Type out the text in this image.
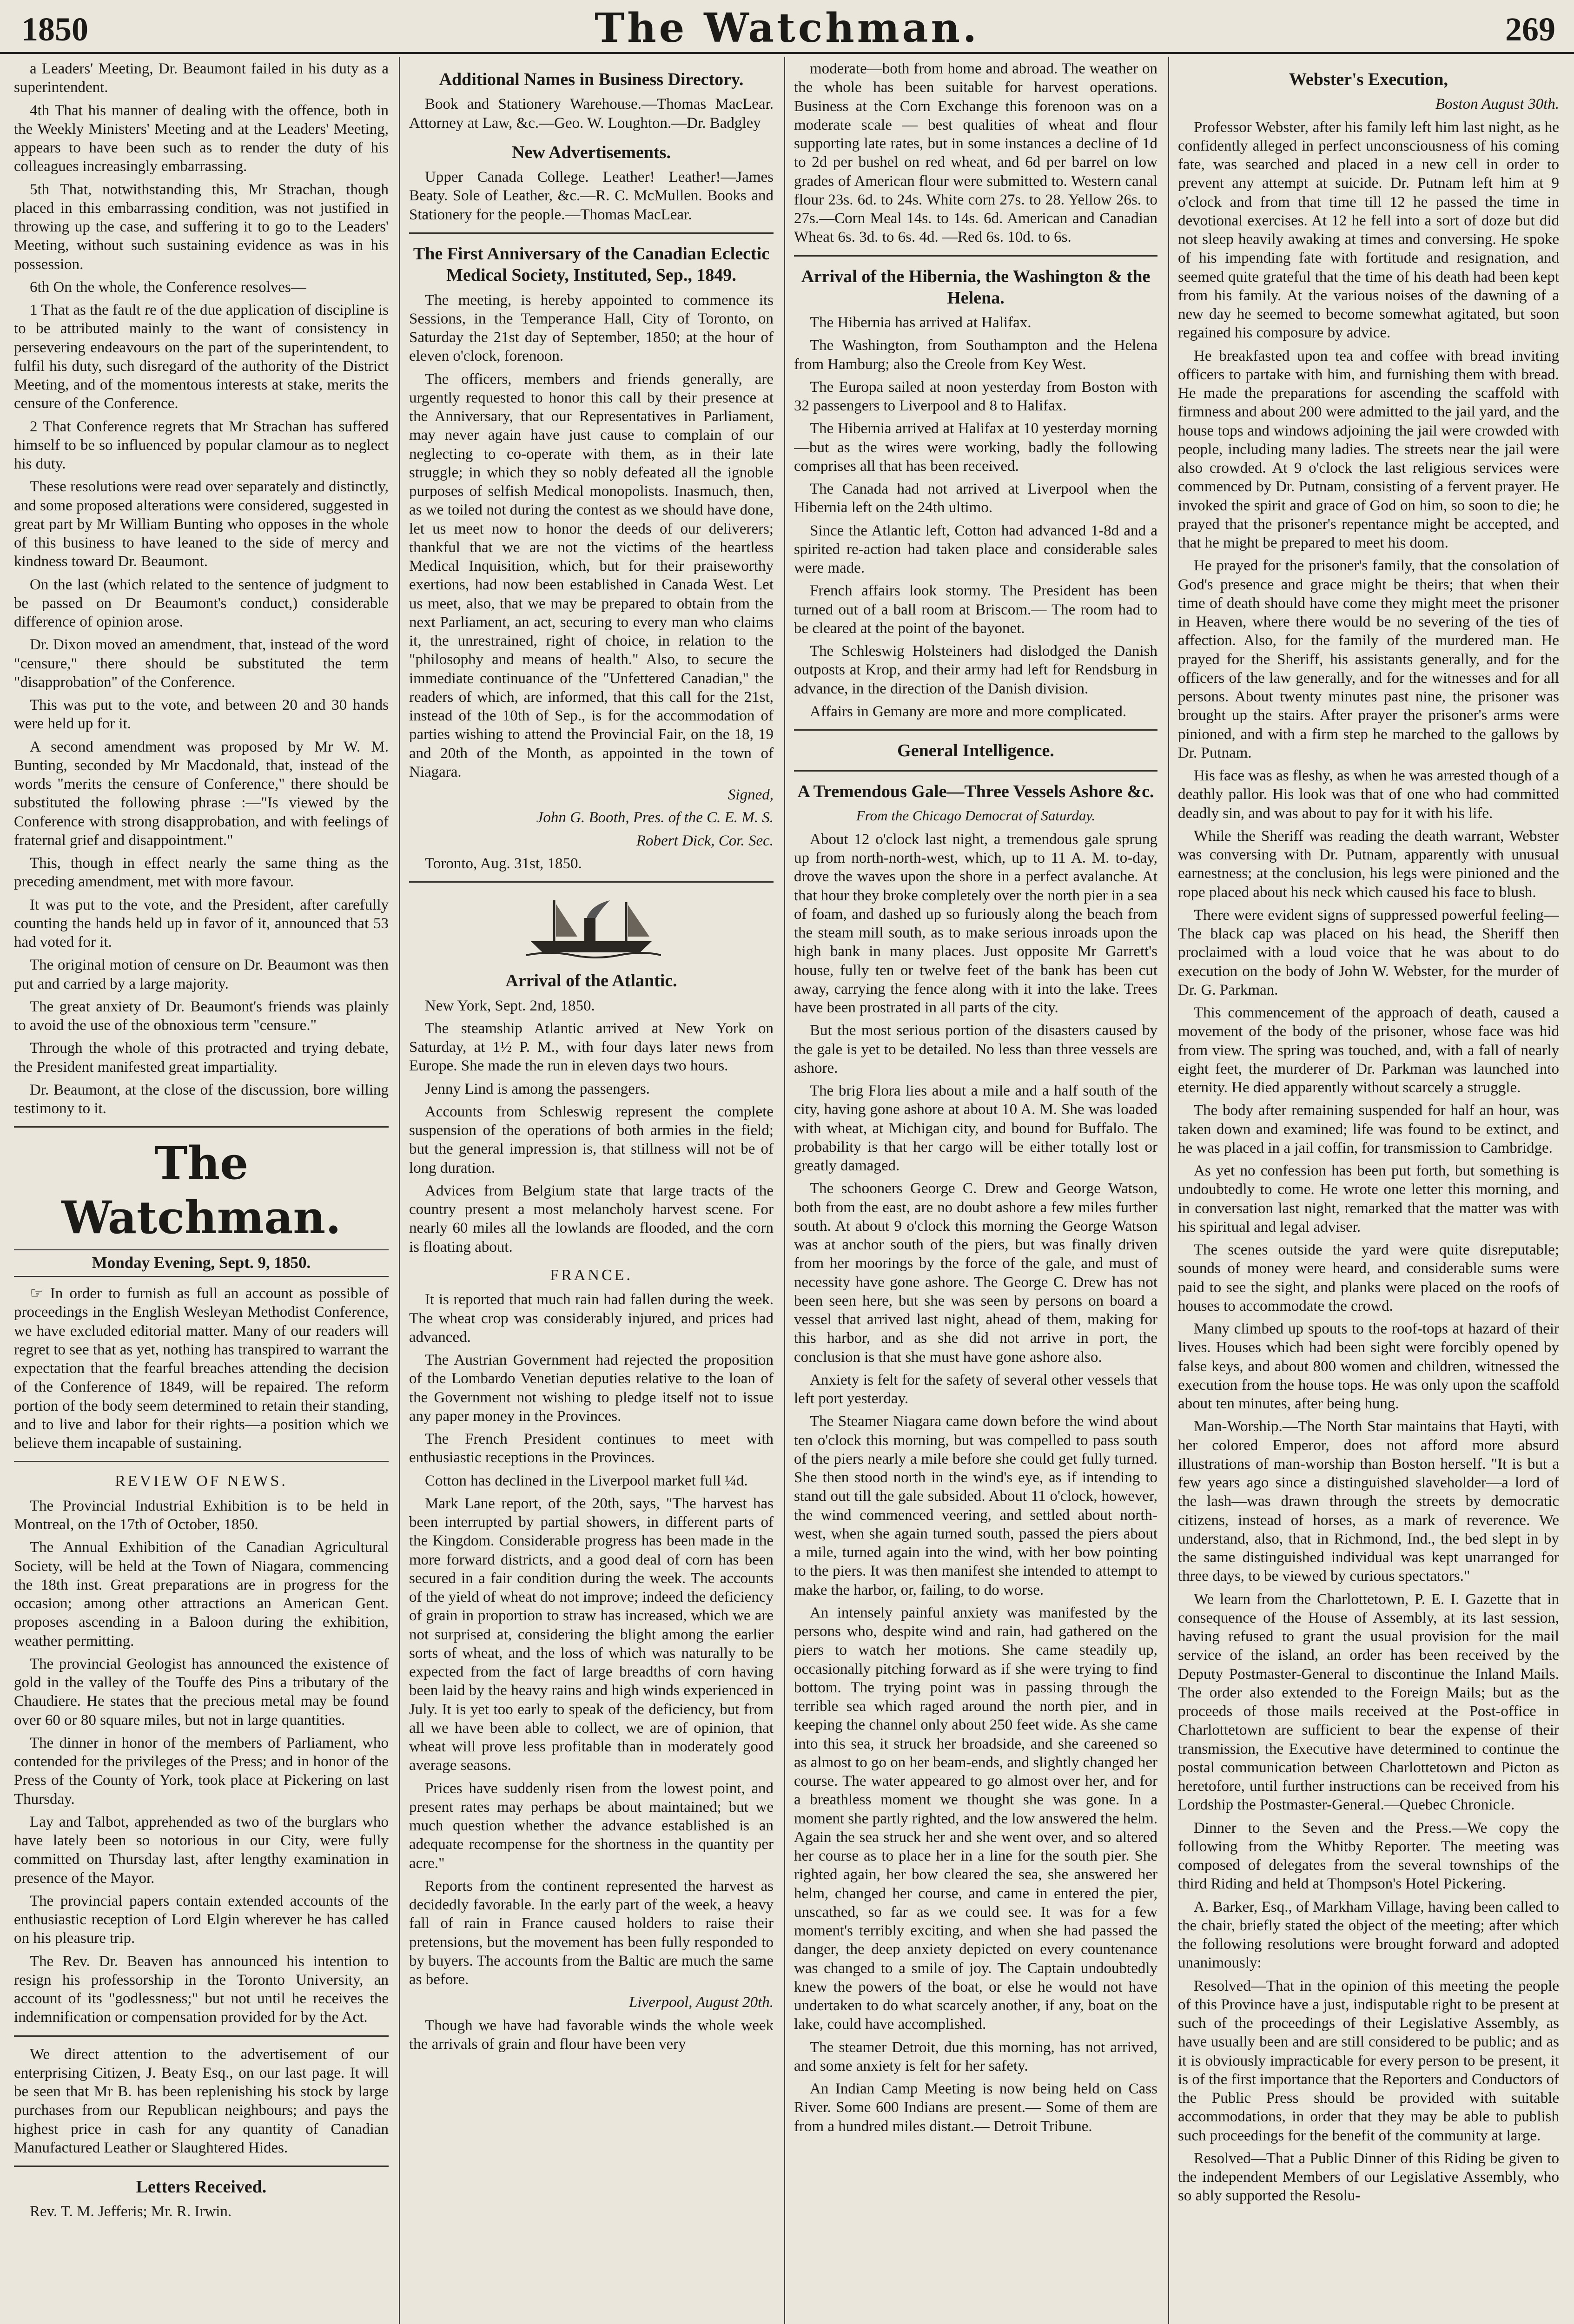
1850	The Watchman.	269

a Leaders' Meeting, Dr. Beaumont failed in his duty as a superintendent.

4th That his manner of dealing with the offence, both in the Weekly Ministers' Meeting and at the Leaders' Meeting, appears to have been such as to render the duty of his colleagues increasingly embarrassing.

5th That, notwithstanding this, Mr Strachan, though placed in this embarrassing condition, was not justified in throwing up the case, and suffering it to go to the Leaders' Meeting, without such sustaining evidence as was in his possession.

6th On the whole, the Conference resolves—

1 That as the fault re of the due application of discipline is to be attributed mainly to the want of consistency in persevering endeavours on the part of the superintendent, to fulfil his duty, such disregard of the authority of the District Meeting, and of the momentous interests at stake, merits the censure of the Conference.

2 That Conference regrets that Mr Strachan has suffered himself to be so influenced by popular clamour as to neglect his duty.

These resolutions were read over separately and distinctly, and some proposed alterations were considered, suggested in great part by Mr William Bunting who opposes in the whole of this business to have leaned to the side of mercy and kindness toward Dr. Beaumont.

On the last (which related to the sentence of judgment to be passed on Dr Beaumont's conduct,) considerable difference of opinion arose.

Dr. Dixon moved an amendment, that, instead of the word "censure," there should be substituted the term "disapprobation" of the Conference.

This was put to the vote, and between 20 and 30 hands were held up for it.

A second amendment was proposed by Mr W. M. Bunting, seconded by Mr Macdonald, that, instead of the words "merits the censure of Conference," there should be substituted the following phrase :—"Is viewed by the Conference with strong disapprobation, and with feelings of fraternal grief and disappointment."

This, though in effect nearly the same thing as the preceding amendment, met with more favour.

It was put to the vote, and the President, after carefully counting the hands held up in favor of it, announced that 53 had voted for it.

The original motion of censure on Dr. Beaumont was then put and carried by a large majority.

The great anxiety of Dr. Beaumont's friends was plainly to avoid the use of the obnoxious term "censure."

Through the whole of this protracted and trying debate, the President manifested great impartiality.

Dr. Beaumont, at the close of the discussion, bore willing testimony to it.

The Watchman.
Monday Evening, Sept. 9, 1850.

☞ In order to furnish as full an account as possible of proceedings in the English Wesleyan Methodist Conference, we have excluded editorial matter. Many of our readers will regret to see that as yet, nothing has transpired to warrant the expectation that the fearful breaches attending the decision of the Conference of 1849, will be repaired. The reform portion of the body seem determined to retain their standing, and to live and labor for their rights—a position which we believe them incapable of sustaining.

REVIEW OF NEWS.

The Provincial Industrial Exhibition is to be held in Montreal, on the 17th of October, 1850.

The Annual Exhibition of the Canadian Agricultural Society, will be held at the Town of Niagara, commencing the 18th inst. Great preparations are in progress for the occasion; among other attractions an American Gent. proposes ascending in a Baloon during the exhibition, weather permitting.

The provincial Geologist has announced the existence of gold in the valley of the Touffe des Pins a tributary of the Chaudiere. He states that the precious metal may be found over 60 or 80 square miles, but not in large quantities.

The dinner in honor of the members of Parliament, who contended for the privileges of the Press; and in honor of the Press of the County of York, took place at Pickering on last Thursday.

Lay and Talbot, apprehended as two of the burglars who have lately been so notorious in our City, were fully committed on Thursday last, after lengthy examination in presence of the Mayor.

The provincial papers contain extended accounts of the enthusiastic reception of Lord Elgin wherever he has called on his pleasure trip.

The Rev. Dr. Beaven has announced his intention to resign his professorship in the Toronto University, an account of its "godlessness;" but not until he receives the indemnification or compensation provided for by the Act.

We direct attention to the advertisement of our enterprising Citizen, J. Beaty Esq., on our last page. It will be seen that Mr B. has been replenishing his stock by large purchases from our Republican neighbours; and pays the highest price in cash for any quantity of Canadian Manufactured Leather or Slaughtered Hides.

Letters Received.

Rev. T. M. Jefferis; Mr. R. Irwin.

Additional Names in Business Directory.

Book and Stationery Warehouse.—Thomas MacLear. Attorney at Law, &c.—Geo. W. Loughton.—Dr. Badgley

New Advertisements.

Upper Canada College. Leather! Leather!—James Beaty. Sole of Leather, &c.—R. C. McMullen. Books and Stationery for the people.—Thomas MacLear.

The First Anniversary of the Canadian Eclectic Medical Society, Instituted, Sep., 1849.

The meeting, is hereby appointed to commence its Sessions, in the Temperance Hall, City of Toronto, on Saturday the 21st day of September, 1850; at the hour of eleven o'clock, forenoon.

The officers, members and friends generally, are urgently requested to honor this call by their presence at the Anniversary, that our Representatives in Parliament, may never again have just cause to complain of our neglecting to co-operate with them, as in their late struggle; in which they so nobly defeated all the ignoble purposes of selfish Medical monopolists. Inasmuch, then, as we toiled not during the contest as we should have done, let us meet now to honor the deeds of our deliverers; thankful that we are not the victims of the heartless Medical Inquisition, which, but for their praiseworthy exertions, had now been established in Canada West. Let us meet, also, that we may be prepared to obtain from the next Parliament, an act, securing to every man who claims it, the unrestrained, right of choice, in relation to the "philosophy and means of health." Also, to secure the immediate continuance of the "Unfettered Canadian," the readers of which, are informed, that this call for the 21st, instead of the 10th of Sep., is for the accommodation of parties wishing to attend the Provincial Fair, on the 18, 19 and 20th of the Month, as appointed in the town of Niagara.

Signed,

John G. Booth, Pres. of the C. E. M. S.

Robert Dick, Cor. Sec.

Toronto, Aug. 31st, 1850.

Arrival of the Atlantic.

New York, Sept. 2nd, 1850.

The steamship Atlantic arrived at New York on Saturday, at 1½ P. M., with four days later news from Europe. She made the run in eleven days two hours.

Jenny Lind is among the passengers.

Accounts from Schleswig represent the complete suspension of the operations of both armies in the field; but the general impression is, that stillness will not be of long duration.

Advices from Belgium state that large tracts of the country present a most melancholy harvest scene. For nearly 60 miles all the lowlands are flooded, and the corn is floating about.

FRANCE.

It is reported that much rain had fallen during the week. The wheat crop was considerably injured, and prices had advanced.

The Austrian Government had rejected the proposition of the Lombardo Venetian deputies relative to the loan of the Government not wishing to pledge itself not to issue any paper money in the Provinces.

The French President continues to meet with enthusiastic receptions in the Provinces.

Cotton has declined in the Liverpool market full ¼d.

Mark Lane report, of the 20th, says, "The harvest has been interrupted by partial showers, in different parts of the Kingdom. Considerable progress has been made in the more forward districts, and a good deal of corn has been secured in a fair condition during the week. The accounts of the yield of wheat do not improve; indeed the deficiency of grain in proportion to straw has increased, which we are not surprised at, considering the blight among the earlier sorts of wheat, and the loss of which was naturally to be expected from the fact of large breadths of corn having been laid by the heavy rains and high winds experienced in July. It is yet too early to speak of the deficiency, but from all we have been able to collect, we are of opinion, that wheat will prove less profitable than in moderately good average seasons.

Prices have suddenly risen from the lowest point, and present rates may perhaps be about maintained; but we much question whether the advance established is an adequate recompense for the shortness in the quantity per acre."

Reports from the continent represented the harvest as decidedly favorable. In the early part of the week, a heavy fall of rain in France caused holders to raise their pretensions, but the movement has been fully responded to by buyers. The accounts from the Baltic are much the same as before.

Liverpool, August 20th.

Though we have had favorable winds the whole week the arrivals of grain and flour have been very

moderate—both from home and abroad. The weather on the whole has been suitable for harvest operations. Business at the Corn Exchange this forenoon was on a moderate scale — best qualities of wheat and flour supporting late rates, but in some instances a decline of 1d to 2d per bushel on red wheat, and 6d per barrel on low grades of American flour were submitted to. Western canal flour 23s. 6d. to 24s. White corn 27s. to 28. Yellow 26s. to 27s.—Corn Meal 14s. to 14s. 6d. American and Canadian Wheat 6s. 3d. to 6s. 4d. —Red 6s. 10d. to 6s.

Arrival of the Hibernia, the Washington & the Helena.

The Hibernia has arrived at Halifax.

The Washington, from Southampton and the Helena from Hamburg; also the Creole from Key West.

The Europa sailed at noon yesterday from Boston with 32 passengers to Liverpool and 8 to Halifax.

The Hibernia arrived at Halifax at 10 yesterday morning—but as the wires were working, badly the following comprises all that has been received.

The Canada had not arrived at Liverpool when the Hibernia left on the 24th ultimo.

Since the Atlantic left, Cotton had advanced 1-8d and a spirited re-action had taken place and considerable sales were made.

French affairs look stormy. The President has been turned out of a ball room at Briscom.— The room had to be cleared at the point of the bayonet.

The Schleswig Holsteiners had dislodged the Danish outposts at Krop, and their army had left for Rendsburg in advance, in the direction of the Danish division.

Affairs in Gemany are more and more complicated.

General Intelligence.
A Tremendous Gale—Three Vessels Ashore &c.
From the Chicago Democrat of Saturday.

About 12 o'clock last night, a tremendous gale sprung up from north-north-west, which, up to 11 A. M. to-day, drove the waves upon the shore in a perfect avalanche. At that hour they broke completely over the north pier in a sea of foam, and dashed up so furiously along the beach from the steam mill south, as to make serious inroads upon the high bank in many places. Just opposite Mr Garrett's house, fully ten or twelve feet of the bank has been cut away, carrying the fence along with it into the lake. Trees have been prostrated in all parts of the city.

But the most serious portion of the disasters caused by the gale is yet to be detailed. No less than three vessels are ashore.

The brig Flora lies about a mile and a half south of the city, having gone ashore at about 10 A. M. She was loaded with wheat, at Michigan city, and bound for Buffalo. The probability is that her cargo will be either totally lost or greatly damaged.

The schooners George C. Drew and George Watson, both from the east, are no doubt ashore a few miles further south. At about 9 o'clock this morning the George Watson was at anchor south of the piers, but was finally driven from her moorings by the force of the gale, and must of necessity have gone ashore. The George C. Drew has not been seen here, but she was seen by persons on board a vessel that arrived last night, ahead of them, making for this harbor, and as she did not arrive in port, the conclusion is that she must have gone ashore also.

Anxiety is felt for the safety of several other vessels that left port yesterday.

The Steamer Niagara came down before the wind about ten o'clock this morning, but was compelled to pass south of the piers nearly a mile before she could get fully turned. She then stood north in the wind's eye, as if intending to stand out till the gale subsided. About 11 o'clock, however, the wind commenced veering, and settled about north-west, when she again turned south, passed the piers about a mile, turned again into the wind, with her bow pointing to the piers. It was then manifest she intended to attempt to make the harbor, or, failing, to do worse.

An intensely painful anxiety was manifested by the persons who, despite wind and rain, had gathered on the piers to watch her motions. She came steadily up, occasionally pitching forward as if she were trying to find bottom. The trying point was in passing through the terrible sea which raged around the north pier, and in keeping the channel only about 250 feet wide. As she came into this sea, it struck her broadside, and she careened so as almost to go on her beam-ends, and slightly changed her course. The water appeared to go almost over her, and for a breathless moment we thought she was gone. In a moment she partly righted, and the low answered the helm. Again the sea struck her and she went over, and so altered her course as to place her in a line for the south pier. She righted again, her bow cleared the sea, she answered her helm, changed her course, and came in entered the pier, unscathed, so far as we could see. It was for a few moment's terribly exciting, and when she had passed the danger, the deep anxiety depicted on every countenance was changed to a smile of joy. The Captain undoubtedly knew the powers of the boat, or else he would not have undertaken to do what scarcely another, if any, boat on the lake, could have accomplished.

The steamer Detroit, due this morning, has not arrived, and some anxiety is felt for her safety.

An Indian Camp Meeting is now being held on Cass River. Some 600 Indians are present.— Some of them are from a hundred miles distant.— Detroit Tribune.

Webster's Execution,

Boston August 30th.

Professor Webster, after his family left him last night, as he confidently alleged in perfect unconsciousness of his coming fate, was searched and placed in a new cell in order to prevent any attempt at suicide. Dr. Putnam left him at 9 o'clock and from that time till 12 he passed the time in devotional exercises. At 12 he fell into a sort of doze but did not sleep heavily awaking at times and conversing. He spoke of his impending fate with fortitude and resignation, and seemed quite grateful that the time of his death had been kept from his family. At the various noises of the dawning of a new day he seemed to become somewhat agitated, but soon regained his composure by advice.

He breakfasted upon tea and coffee with bread inviting officers to partake with him, and furnishing them with bread. He made the preparations for ascending the scaffold with firmness and about 200 were admitted to the jail yard, and the house tops and windows adjoining the jail were crowded with people, including many ladies. The streets near the jail were also crowded. At 9 o'clock the last religious services were commenced by Dr. Putnam, consisting of a fervent prayer. He invoked the spirit and grace of God on him, so soon to die; he prayed that the prisoner's repentance might be accepted, and that he might be prepared to meet his doom.

He prayed for the prisoner's family, that the consolation of God's presence and grace might be theirs; that when their time of death should have come they might meet the prisoner in Heaven, where there would be no severing of the ties of affection. Also, for the family of the murdered man. He prayed for the Sheriff, his assistants generally, and for the officers of the law generally, and for the witnesses and for all persons. About twenty minutes past nine, the prisoner was brought up the stairs. After prayer the prisoner's arms were pinioned, and with a firm step he marched to the gallows by Dr. Putnam.

His face was as fleshy, as when he was arrested though of a deathly pallor. His look was that of one who had committed deadly sin, and was about to pay for it with his life.

While the Sheriff was reading the death warrant, Webster was conversing with Dr. Putnam, apparently with unusual earnestness; at the conclusion, his legs were pinioned and the rope placed about his neck which caused his face to blush.

There were evident signs of suppressed powerful feeling—The black cap was placed on his head, the Sheriff then proclaimed with a loud voice that he was about to do execution on the body of John W. Webster, for the murder of Dr. G. Parkman.

This commencement of the approach of death, caused a movement of the body of the prisoner, whose face was hid from view. The spring was touched, and, with a fall of nearly eight feet, the murderer of Dr. Parkman was launched into eternity. He died apparently without scarcely a struggle.

The body after remaining suspended for half an hour, was taken down and examined; life was found to be extinct, and he was placed in a jail coffin, for transmission to Cambridge.

As yet no confession has been put forth, but something is undoubtedly to come. He wrote one letter this morning, and in conversation last night, remarked that the matter was with his spiritual and legal adviser.

The scenes outside the yard were quite disreputable; sounds of money were heard, and considerable sums were paid to see the sight, and planks were placed on the roofs of houses to accommodate the crowd.

Many climbed up spouts to the roof-tops at hazard of their lives. Houses which had been sight were forcibly opened by false keys, and about 800 women and children, witnessed the execution from the house tops. He was only upon the scaffold about ten minutes, after being hung.

Man-Worship.—The North Star maintains that Hayti, with her colored Emperor, does not afford more absurd illustrations of man-worship than Boston herself. "It is but a few years ago since a distinguished slaveholder—a lord of the lash—was drawn through the streets by democratic citizens, instead of horses, as a mark of reverence. We understand, also, that in Richmond, Ind., the bed slept in by the same distinguished individual was kept unarranged for three days, to be viewed by curious spectators."

We learn from the Charlottetown, P. E. I. Gazette that in consequence of the House of Assembly, at its last session, having refused to grant the usual provision for the mail service of the island, an order has been received by the Deputy Postmaster-General to discontinue the Inland Mails. The order also extended to the Foreign Mails; but as the proceeds of those mails received at the Post-office in Charlottetown are sufficient to bear the expense of their transmission, the Executive have determined to continue the postal communication between Charlottetown and Picton as heretofore, until further instructions can be received from his Lordship the Postmaster-General.—Quebec Chronicle.

Dinner to the Seven and the Press.—We copy the following from the Whitby Reporter. The meeting was composed of delegates from the several townships of the third Riding and held at Thompson's Hotel Pickering.

A. Barker, Esq., of Markham Village, having been called to the chair, briefly stated the object of the meeting; after which the following resolutions were brought forward and adopted unanimously:

Resolved—That in the opinion of this meeting the people of this Province have a just, indisputable right to be present at such of the proceedings of their Legislative Assembly, as have usually been and are still considered to be public; and as it is obviously impracticable for every person to be present, it is of the first importance that the Reporters and Conductors of the Public Press should be provided with suitable accommodations, in order that they may be able to publish such proceedings for the benefit of the community at large.

Resolved—That a Public Dinner of this Riding be given to the independent Members of our Legislative Assembly, who so ably supported the Resolu-
